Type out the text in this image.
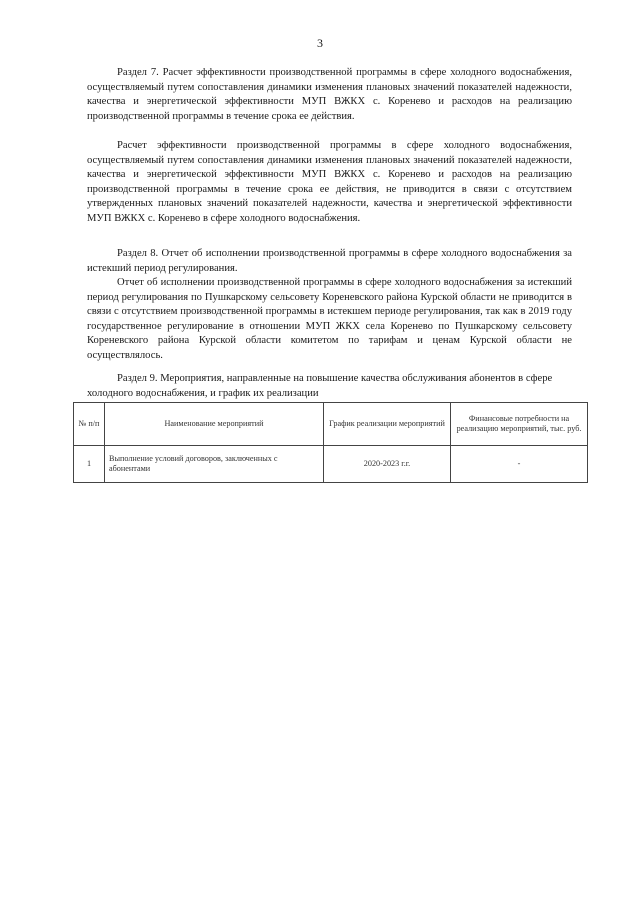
3

Раздел 7. Расчет эффективности производственной программы в сфере холодного водоснабжения, осуществляемый путем сопоставления динамики изменения плановых значений показателей надежности, качества и энергетической эффективности МУП ВЖКХ с. Коренево и расходов на реализацию производственной программы в течение срока ее действия.

Расчет эффективности производственной программы в сфере холодного водоснабжения, осуществляемый путем сопоставления динамики изменения плановых значений показателей надежности, качества и энергетической эффективности МУП ВЖКХ с. Коренево и расходов на реализацию производственной программы в течение срока ее действия, не приводится в связи с отсутствием утвержденных плановых значений показателей надежности, качества и энергетической эффективности МУП ВЖКХ с. Коренево в сфере холодного водоснабжения.

Раздел 8. Отчет об исполнении производственной программы в сфере холодного водоснабжения за истекший период регулирования.

Отчет об исполнении производственной программы в сфере холодного водоснабжения за истекший период регулирования по Пушкарскому сельсовету Кореневского района Курской области не приводится в связи с отсутствием производственной программы в истекшем периоде регулирования, так как в 2019 году государственное регулирование в отношении МУП ЖКХ села Коренево по Пушкарскому сельсовету Кореневского района Курской области комитетом по тарифам и ценам Курской области не осуществлялось.

Раздел 9. Мероприятия, направленные на повышение качества обслуживания абонентов в сфере холодного водоснабжения, и график их реализации

№ п/п	Наименование мероприятий	График реализации мероприятий	Финансовые потребности на реализацию мероприятий, тыс. руб.
1	Выполнение условий договоров, заключенных с абонентами	2020-2023 г.г.	-
